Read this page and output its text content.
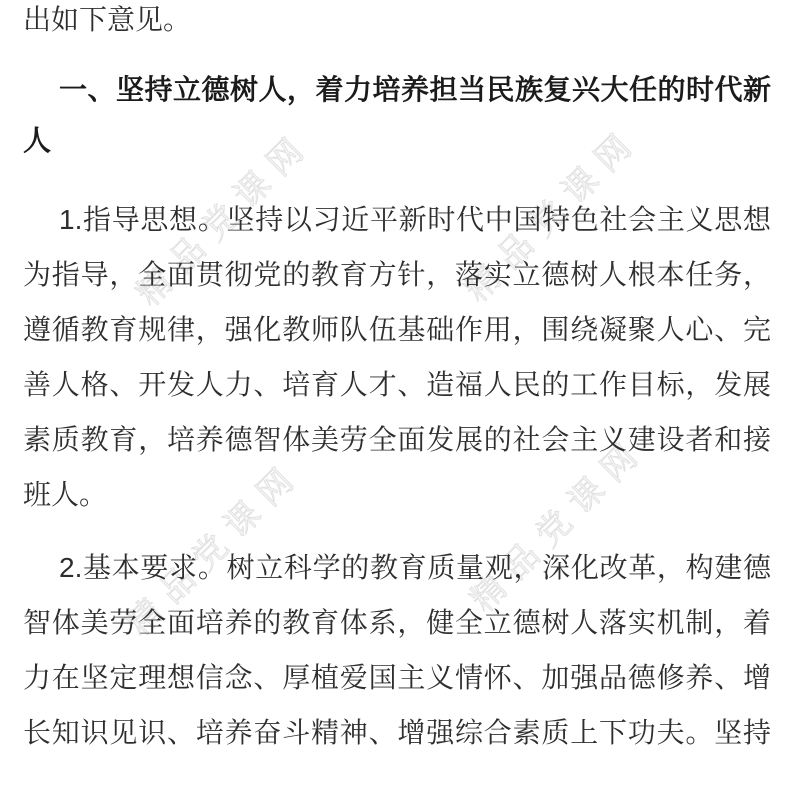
精品党课网	精品党课网
精品党课网	精品党课网
出如下意见。
一、坚持立德树人，着力培养担当民族复兴大任的时代新人
1.指导思想。坚持以习近平新时代中国特色社会主义思想为指导，全面贯彻党的教育方针，落实立德树人根本任务，遵循教育规律，强化教师队伍基础作用，围绕凝聚人心、完善人格、开发人力、培育人才、造福人民的工作目标，发展素质教育，培养德智体美劳全面发展的社会主义建设者和接班人。
2.基本要求。树立科学的教育质量观，深化改革，构建德智体美劳全面培养的教育体系，健全立德树人落实机制，着力在坚定理想信念、厚植爱国主义情怀、加强品德修养、增长知识见识、培养奋斗精神、增强综合素质上下功夫。坚持
